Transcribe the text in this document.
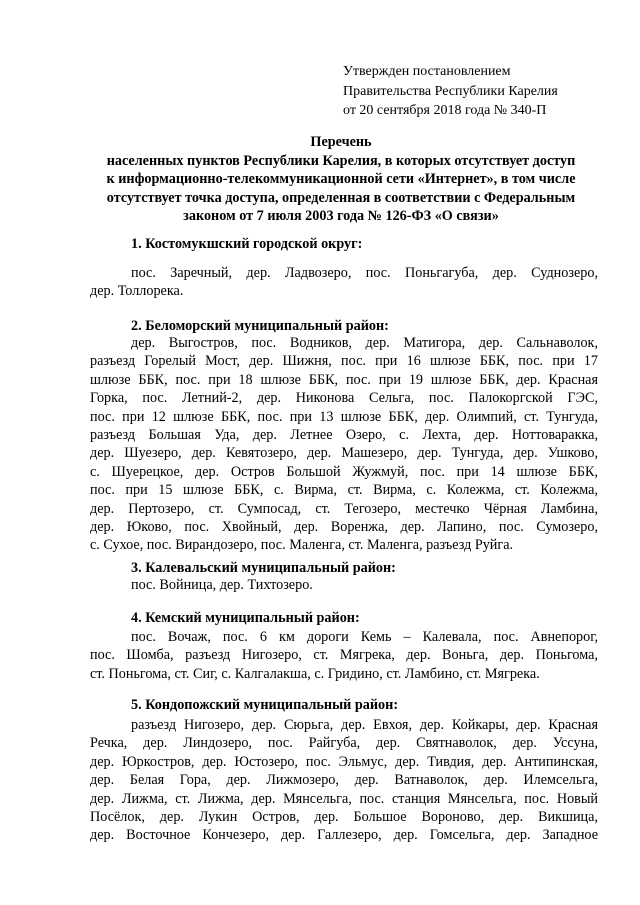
Утвержден постановлением
Правительства Республики Карелия
от 20 сентября 2018 года № 340-П
Перечень
населенных пунктов Республики Карелия, в которых отсутствует доступ
к информационно-телекоммуникационной сети «Интернет», в том числе
отсутствует точка доступа, определенная в соответствии с Федеральным
законом от 7 июля 2003 года № 126-ФЗ «О связи»
1. Костомукшский городской округ:
пос. Заречный, дер. Ладвозеро, пос. Поньгагуба, дер. Суднозеро,
дер. Толлорека.
2. Беломорский муниципальный район:
дер. Выгостров, пос. Водников, дер. Матигора, дер. Сальнаволок,
разъезд Горелый Мост, дер. Шижня, пос. при 16 шлюзе ББК, пос. при 17
шлюзе ББК, пос. при 18 шлюзе ББК, пос. при 19 шлюзе ББК, дер. Красная
Горка, пос. Летний-2, дер. Никонова Сельга, пос. Палокоргской ГЭС,
пос. при 12 шлюзе ББК, пос. при 13 шлюзе ББК, дер. Олимпий, ст. Тунгуда,
разъезд Большая Уда, дер. Летнее Озеро, с. Лехта, дер. Ноттоваракка,
дер. Шуезеро, дер. Кевятозеро, дер. Машезеро, дер. Тунгуда, дер. Ушково,
с. Шуерецкое, дер. Остров Большой Жужмуй, пос. при 14 шлюзе ББК,
пос. при 15 шлюзе ББК, с. Вирма, ст. Вирма, с. Колежма, ст. Колежма,
дер. Пертозеро, ст. Сумпосад, ст. Тегозеро, местечко Чёрная Ламбина,
дер. Юково, пос. Хвойный, дер. Воренжа, дер. Лапино, пос. Сумозеро,
с. Сухое, пос. Вирандозеро, пос. Маленга, ст. Маленга, разъезд Руйга.
3. Калевальский муниципальный район:
пос. Войница, дер. Тихтозеро.
4. Кемский муниципальный район:
пос. Вочаж, пос. 6 км дороги Кемь – Калевала, пос. Авнепорог,
пос. Шомба, разъезд Нигозеро, ст. Мягрека, дер. Воньга, дер. Поньгома,
ст. Поньгома, ст. Сиг, с. Калгалакша, с. Гридино, ст. Ламбино, ст. Мягрека.
5. Кондопожский муниципальный район:
разъезд Нигозеро, дер. Сюрьга, дер. Евхоя, дер. Койкары, дер. Красная
Речка, дер. Линдозеро, пос. Райгуба, дер. Святнаволок, дер. Уссуна,
дер. Юркостров, дер. Юстозеро, пос. Эльмус, дер. Тивдия, дер. Антипинская,
дер. Белая Гора, дер. Лижмозеро, дер. Ватнаволок, дер. Илемсельга,
дер. Лижма, ст. Лижма, дер. Мянсельга, пос. станция Мянсельга, пос. Новый
Посёлок, дер. Лукин Остров, дер. Большое Вороново, дер. Викшица,
дер. Восточное Кончезеро, дер. Галлезеро, дер. Гомсельга, дер. Западное
